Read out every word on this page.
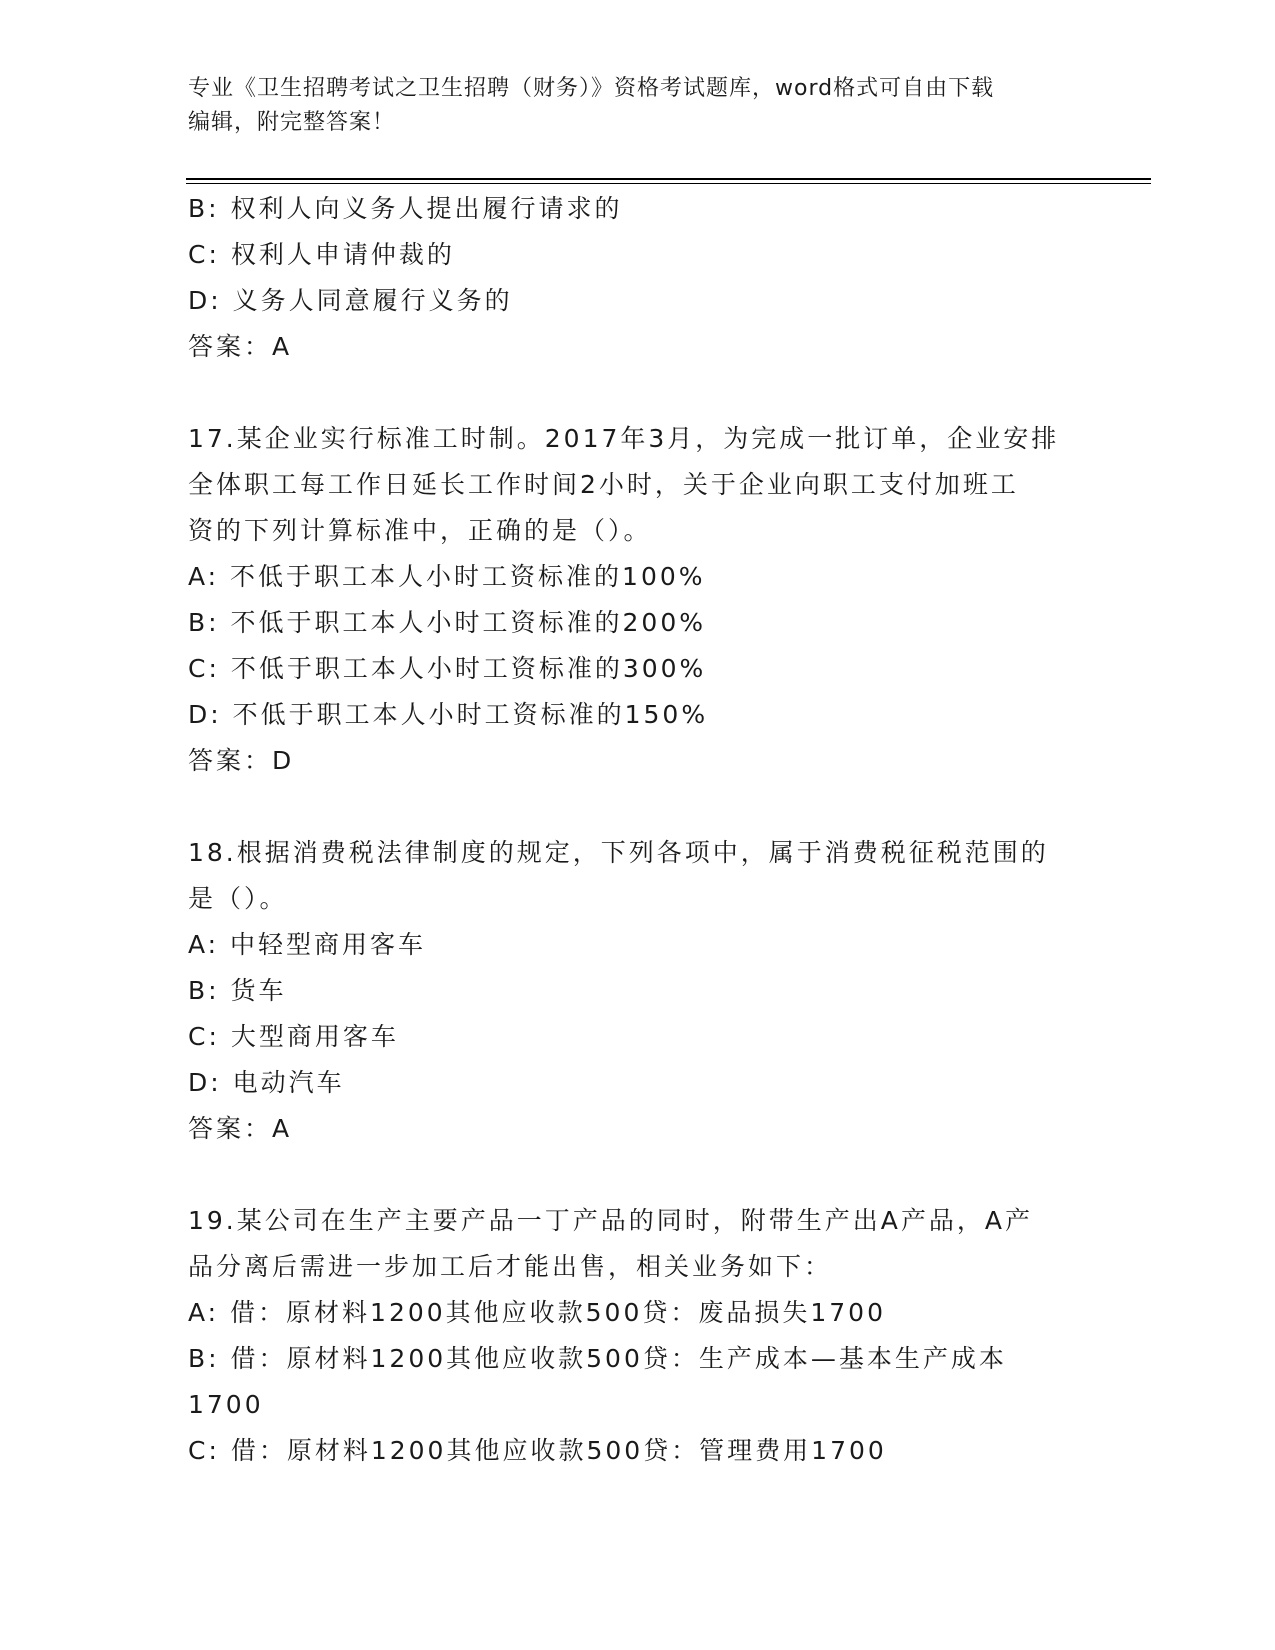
专业《卫生招聘考试之卫生招聘（财务）》资格考试题库，word格式可自由下载
编辑，附完整答案！
B: 权利人向义务人提出履行请求的
C: 权利人申请仲裁的
D: 义务人同意履行义务的
答案：A
17.某企业实行标准工时制。2017年3月，为完成一批订单，企业安排
全体职工每工作日延长工作时间2小时，关于企业向职工支付加班工
资的下列计算标准中，正确的是（）。
A: 不低于职工本人小时工资标准的100%
B: 不低于职工本人小时工资标准的200%
C: 不低于职工本人小时工资标准的300%
D: 不低于职工本人小时工资标准的150%
答案：D
18.根据消费税法律制度的规定，下列各项中，属于消费税征税范围的
是（）。
A: 中轻型商用客车
B: 货车
C: 大型商用客车
D: 电动汽车
答案：A
19.某公司在生产主要产品一丁产品的同时，附带生产出A产品，A产
品分离后需进一步加工后才能出售，相关业务如下：
A: 借：原材料1200其他应收款500贷：废品损失1700
B: 借：原材料1200其他应收款500贷：生产成本—基本生产成本
1700
C: 借：原材料1200其他应收款500贷：管理费用1700
